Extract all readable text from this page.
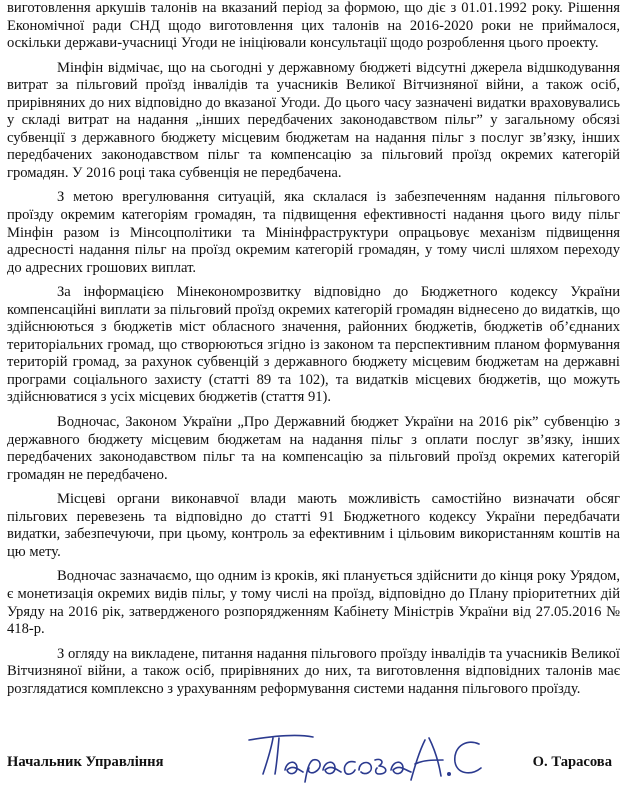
виготовлення аркушів талонів на вказаний період за формою, що діє з 01.01.1992 року. Рішення Економічної ради СНД щодо виготовлення цих талонів на 2016-2020 роки не приймалося, оскільки держави-учасниці Угоди не ініціювали консультації щодо розроблення цього проекту.

Мінфін відмічає, що на сьогодні у державному бюджеті відсутні джерела відшкодування витрат за пільговий проїзд інвалідів та учасників Великої Вітчизняної війни, а також осіб, прирівняних до них відповідно до вказаної Угоди. До цього часу зазначені видатки враховувались у складі витрат на надання „інших передбачених законодавством пільг” у загальному обсязі субвенції з державного бюджету місцевим бюджетам на надання пільг з послуг зв’язку, інших передбачених законодавством пільг та компенсацію за пільговий проїзд окремих категорій громадян. У 2016 році така субвенція не передбачена.

З метою врегулювання ситуацій, яка склалася із забезпеченням надання пільгового проїзду окремим категоріям громадян, та підвищення ефективності надання цього виду пільг Мінфін разом із Мінсоцполітики та Мінінфраструктури опрацьовує механізм підвищення адресності надання пільг на проїзд окремим категорій громадян, у тому числі шляхом переходу до адресних грошових виплат.

За інформацією Мінекономрозвитку відповідно до Бюджетного кодексу України компенсаційні виплати за пільговий проїзд окремих категорій громадян віднесено до видатків, що здійснюються з бюджетів міст обласного значення, районних бюджетів, бюджетів об’єднаних територіальних громад, що створюються згідно із законом та перспективним планом формування територій громад, за рахунок субвенцій з державного бюджету місцевим бюджетам на державні програми соціального захисту (статті 89 та 102), та видатків місцевих бюджетів, що можуть здійснюватися з усіх місцевих бюджетів (стаття 91).

Водночас, Законом України „Про Державний бюджет України на 2016 рік” субвенцію з державного бюджету місцевим бюджетам на надання пільг з оплати послуг зв’язку, інших передбачених законодавством пільг та на компенсацію за пільговий проїзд окремих категорій громадян не передбачено.

Місцеві органи виконавчої влади мають можливість самостійно визначати обсяг пільгових перевезень та відповідно до статті 91 Бюджетного кодексу України передбачати видатки, забезпечуючи, при цьому, контроль за ефективним і цільовим використанням коштів на цю мету.

Водночас зазначаємо, що одним із кроків, які планується здійснити до кінця року Урядом, є монетизація окремих видів пільг, у тому числі на проїзд, відповідно до Плану пріоритетних дій Уряду на 2016 рік, затвердженого розпорядженням Кабінету Міністрів України від 27.05.2016 № 418-р.

З огляду на викладене, питання надання пільгового проїзду інвалідів та учасників Великої Вітчизняної війни, а також осіб, прирівняних до них, та виготовлення відповідних талонів має розглядатися комплексно з урахуванням реформування системи надання пільгового проїзду.

Начальник Управління	О. Тарасова
